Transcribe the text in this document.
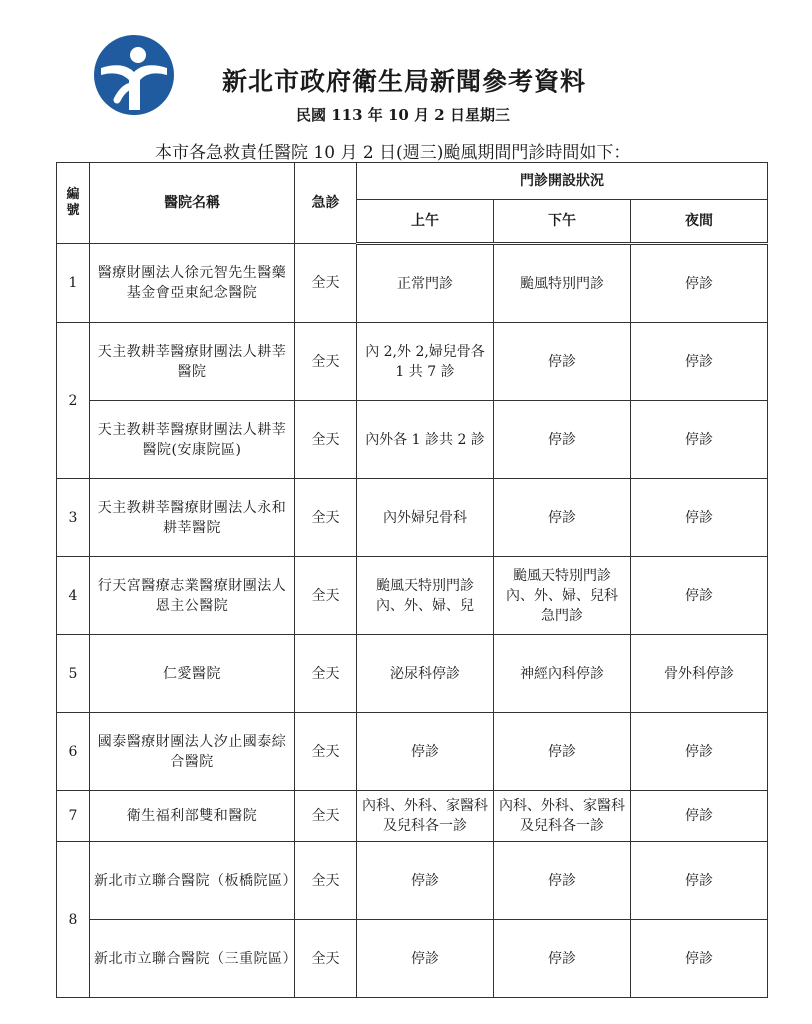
新北市政府衛生局新聞參考資料
民國 113 年 10 月 2 日星期三
本市各急救責任醫院 10 月 2 日(週三)颱風期間門診時間如下：
編號	醫院名稱	急診	門診開設狀況		
			上午	下午	夜間
1	醫療財團法人徐元智先生醫藥基金會亞東紀念醫院	全天	正常門診	颱風特別門診	停診
2	天主教耕莘醫療財團法人耕莘醫院	全天	內 2,外 2,婦兒骨各 1 共 7 診	停診	停診
	天主教耕莘醫療財團法人耕莘醫院(安康院區)	全天	內外各 1 診共 2 診	停診	停診
3	天主教耕莘醫療財團法人永和耕莘醫院	全天	內外婦兒骨科	停診	停診
4	行天宮醫療志業醫療財團法人恩主公醫院	全天	颱風天特別門診 內、外、婦、兒	颱風天特別門診 內、外、婦、兒科 急門診	停診
5	仁愛醫院	全天	泌尿科停診	神經內科停診	骨外科停診
6	國泰醫療財團法人汐止國泰綜合醫院	全天	停診	停診	停診
7	衛生福利部雙和醫院	全天	內科、外科、家醫科及兒科各一診	內科、外科、家醫科及兒科各一診	停診
8	新北市立聯合醫院（板橋院區）	全天	停診	停診	停診
	新北市立聯合醫院（三重院區）	全天	停診	停診	停診
